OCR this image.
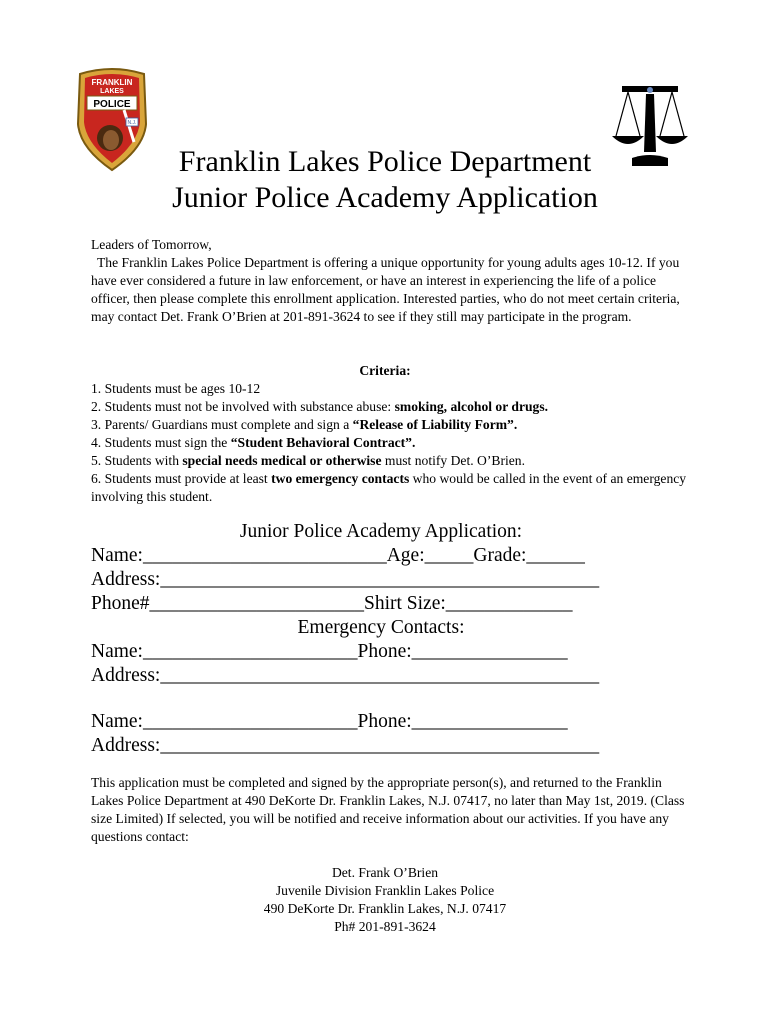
FRANKLIN
LAKES
POLICE
N.J.
Franklin Lakes Police Department
Junior Police Academy Application
Leaders of Tomorrow,
The Franklin Lakes Police Department is offering a unique opportunity for young adults ages 10-12. If you have ever considered a future in law enforcement, or have an interest in experiencing the life of a police officer, then please complete this enrollment application. Interested parties, who do not meet certain criteria, may contact Det. Frank O’Brien at 201-891-3624 to see if they still may participate in the program.
Criteria:
1. Students must be ages 10-12
2. Students must not be involved with substance abuse: smoking, alcohol or drugs.
3. Parents/ Guardians must complete and sign a “Release of Liability Form”.
4. Students must sign the “Student Behavioral Contract”.
5. Students with special needs medical or otherwise must notify Det. O’Brien.
6. Students must provide at least two emergency contacts who would be called in the event of an emergency involving this student.
Junior Police Academy Application:
Name:_________________________Age:_____Grade:______
Address:_____________________________________________
Phone#______________________Shirt Size:_____________
Emergency Contacts:
Name:______________________Phone:________________
Address:_____________________________________________
Name:______________________Phone:________________
Address:_____________________________________________
This application must be completed and signed by the appropriate person(s), and returned to the Franklin Lakes Police Department at 490 DeKorte Dr. Franklin Lakes, N.J. 07417, no later than May 1st, 2019. (Class size Limited) If selected, you will be notified and receive information about our activities. If you have any questions contact:
Det. Frank O’Brien
Juvenile Division Franklin Lakes Police
490 DeKorte Dr. Franklin Lakes, N.J. 07417
Ph# 201-891-3624
